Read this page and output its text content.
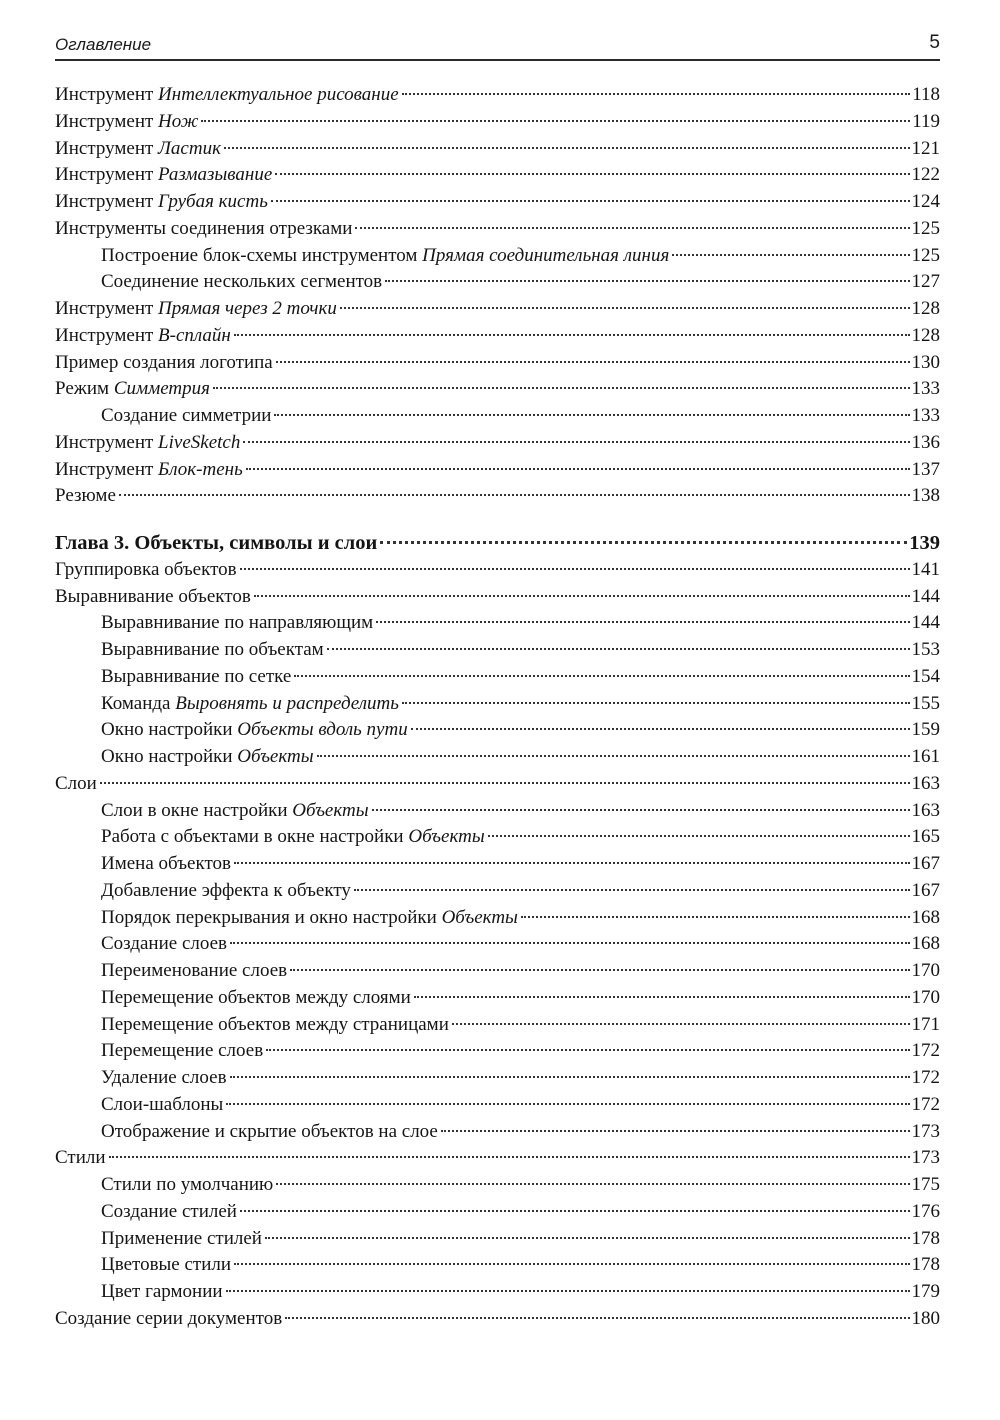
Оглавление	5
Инструмент Интеллектуальное рисование	118
Инструмент Нож	119
Инструмент Ластик	121
Инструмент Размазывание	122
Инструмент Грубая кисть	124
Инструменты соединения отрезками	125
Построение блок-схемы инструментом Прямая соединительная линия	125
Соединение нескольких сегментов	127
Инструмент Прямая через 2 точки	128
Инструмент В-сплайн	128
Пример создания логотипа	130
Режим Симметрия	133
Создание симметрии	133
Инструмент LiveSketch	136
Инструмент Блок-тень	137
Резюме	138
Глава 3. Объекты, символы и слои	139
Группировка объектов	141
Выравнивание объектов	144
Выравнивание по направляющим	144
Выравнивание по объектам	153
Выравнивание по сетке	154
Команда Выровнять и распределить	155
Окно настройки Объекты вдоль пути	159
Окно настройки Объекты	161
Слои	163
Слои в окне настройки Объекты	163
Работа с объектами в окне настройки Объекты	165
Имена объектов	167
Добавление эффекта к объекту	167
Порядок перекрывания и окно настройки Объекты	168
Создание слоев	168
Переименование слоев	170
Перемещение объектов между слоями	170
Перемещение объектов между страницами	171
Перемещение слоев	172
Удаление слоев	172
Слои-шаблоны	172
Отображение и скрытие объектов на слое	173
Стили	173
Стили по умолчанию	175
Создание стилей	176
Применение стилей	178
Цветовые стили	178
Цвет гармонии	179
Создание серии документов	180
